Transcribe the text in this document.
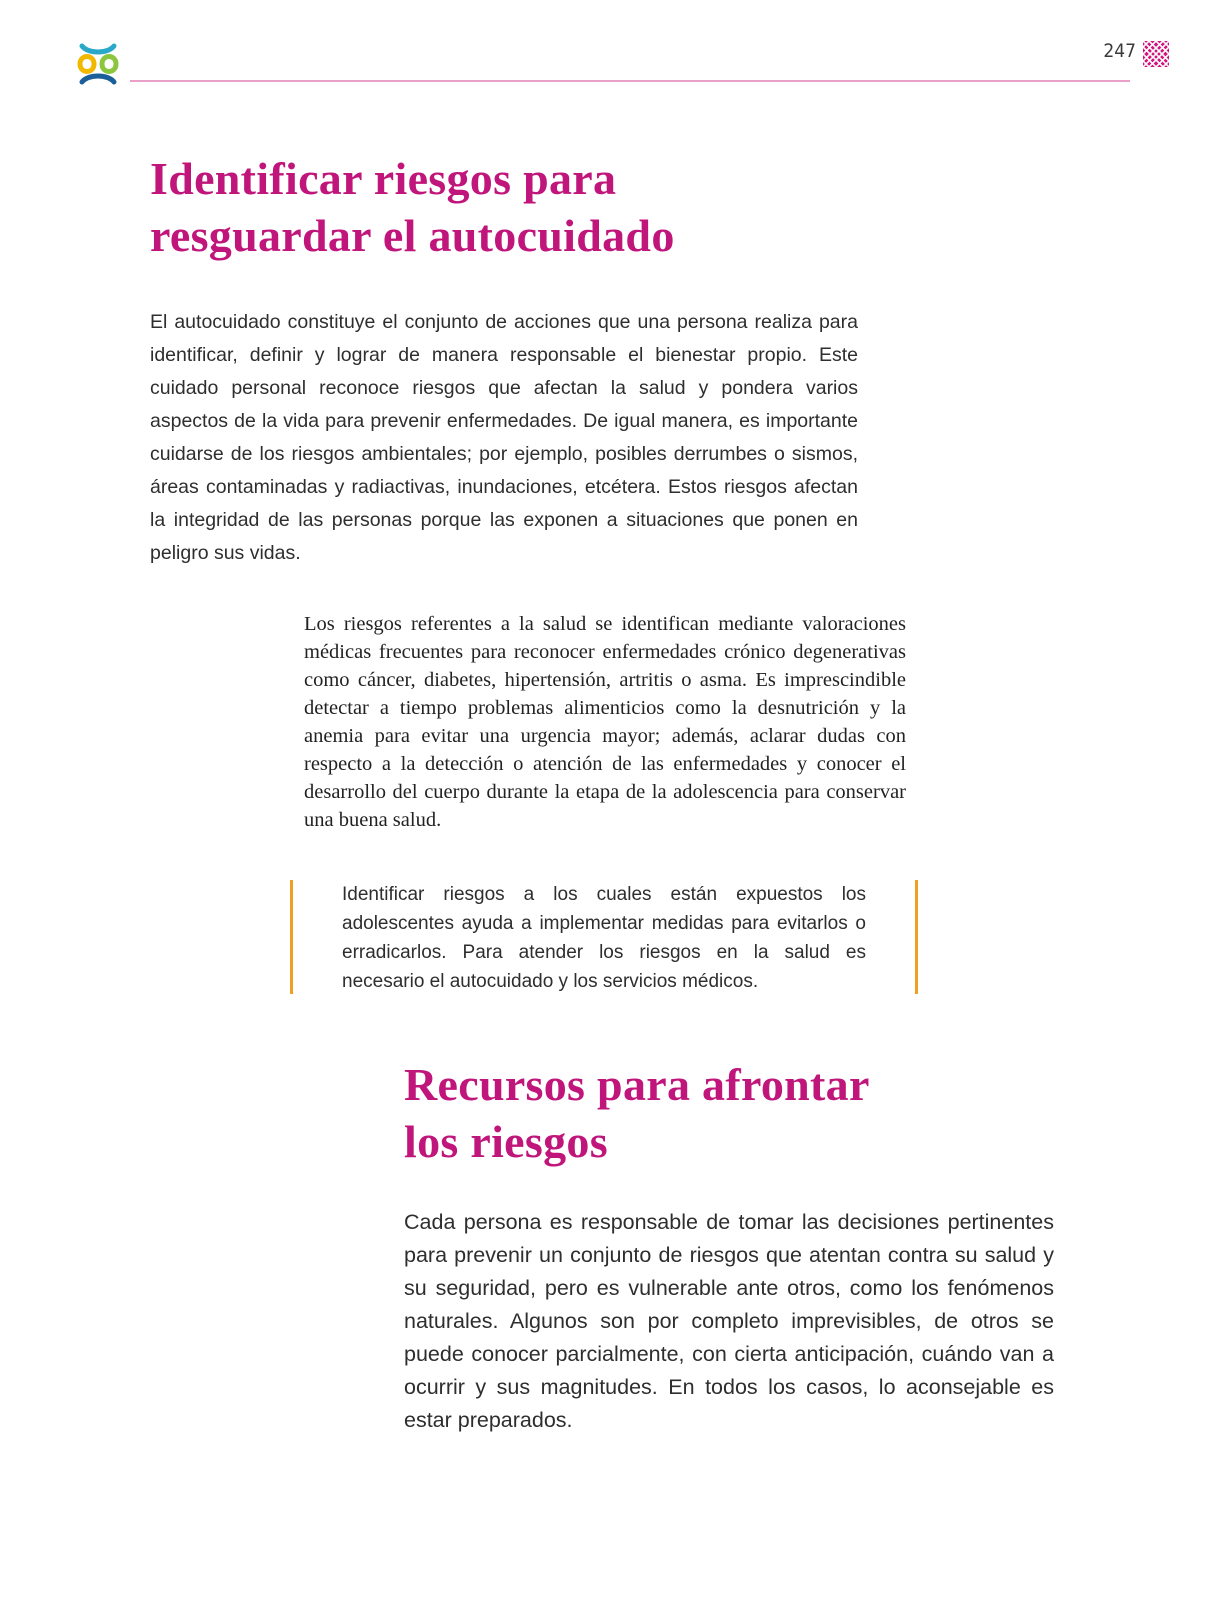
247
Identificar riesgos para
resguardar el autocuidado

El autocuidado constituye el conjunto de acciones que una persona realiza para identificar, definir y lograr de manera responsable el bienestar propio. Este cuidado personal reconoce riesgos que afectan la salud y pondera varios aspectos de la vida para prevenir enfermedades. De igual manera, es importante cuidarse de los riesgos ambientales; por ejemplo, posibles derrumbes o sismos, áreas contaminadas y radiactivas, inundaciones, etcétera. Estos riesgos afectan la integridad de las personas porque las exponen a situaciones que ponen en peligro sus vidas.

Los riesgos referentes a la salud se identifican mediante valoraciones médicas frecuentes para reconocer enfermedades crónico degenerativas como cáncer, diabetes, hipertensión, artritis o asma. Es imprescindible detectar a tiempo problemas alimenticios como la desnutrición y la anemia para evitar una urgencia mayor; además, aclarar dudas con respecto a la detección o atención de las enfermedades y conocer el desarrollo del cuerpo durante la etapa de la adolescencia para conservar una buena salud.

Identificar riesgos a los cuales están expuestos los adolescentes ayuda a implementar medidas para evitarlos o erradicarlos. Para atender los riesgos en la salud es necesario el autocuidado y los servicios médicos.

Recursos para afrontar
los riesgos

Cada persona es responsable de tomar las decisiones pertinentes para prevenir un conjunto de riesgos que atentan contra su salud y su seguridad, pero es vulnerable ante otros, como los fenómenos naturales. Algunos son por completo imprevisibles, de otros se puede conocer parcialmente, con cierta anticipación, cuándo van a ocurrir y sus magnitudes. En todos los casos, lo aconsejable es estar preparados.
